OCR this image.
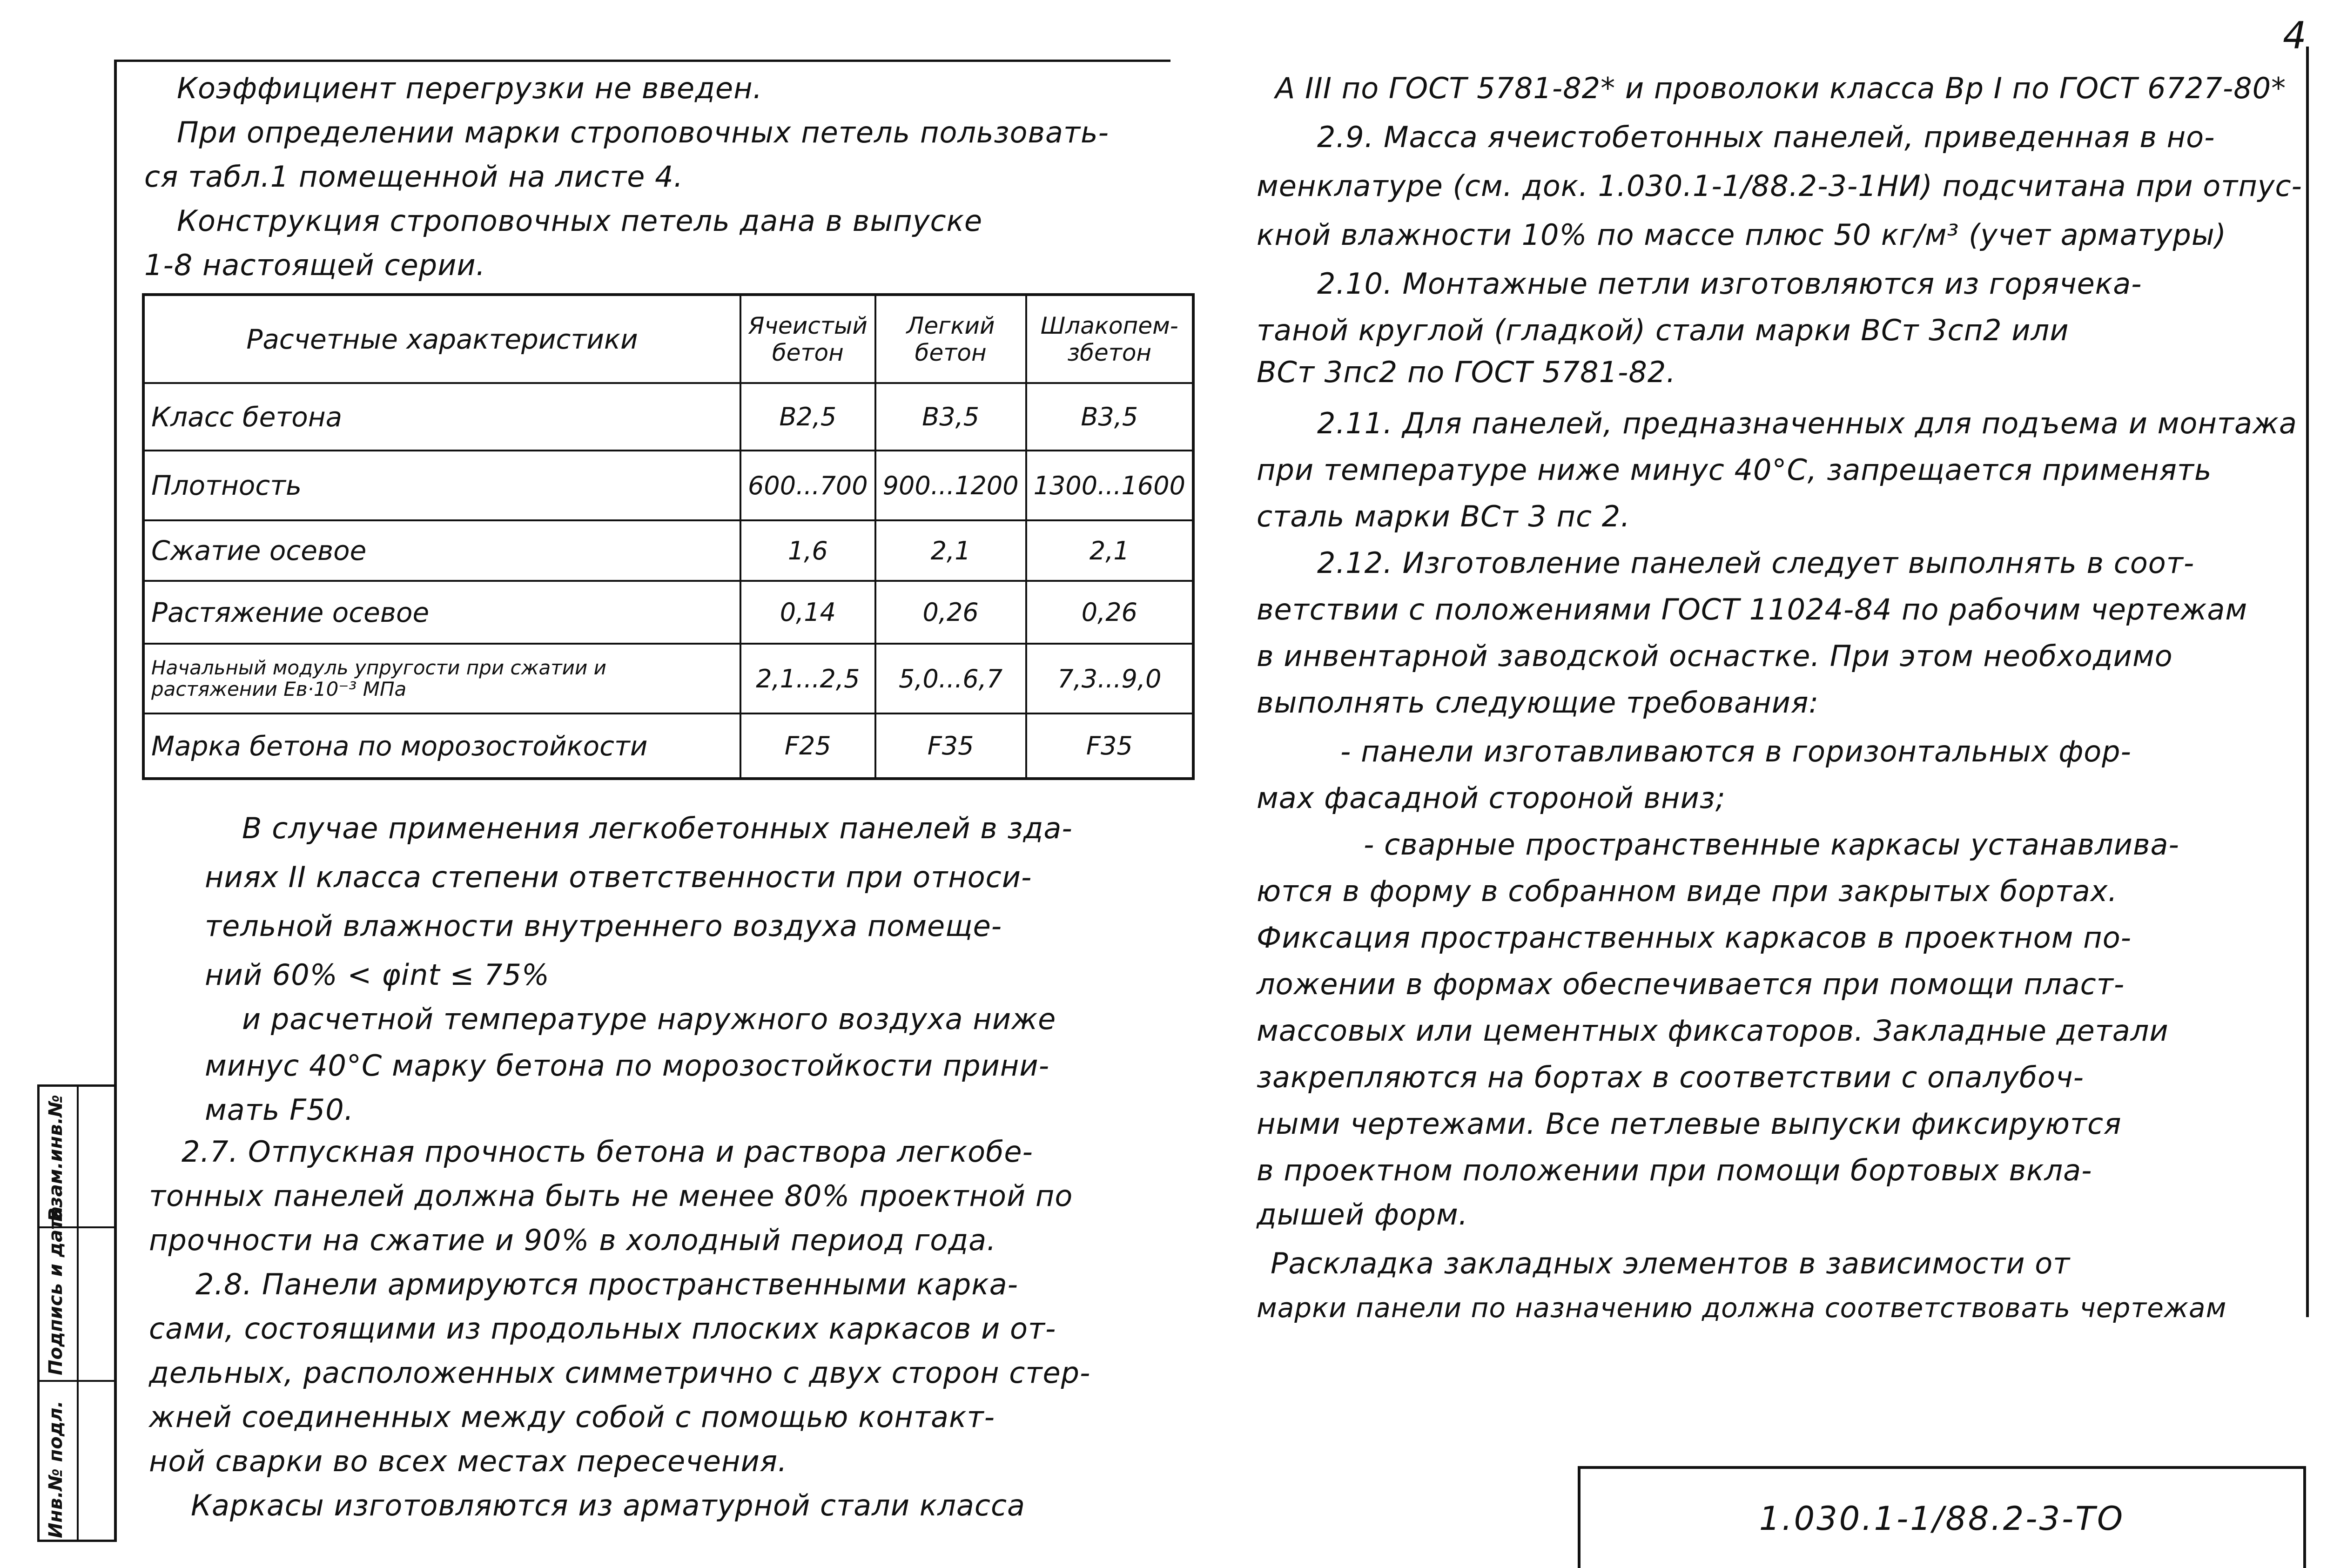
4
Взам.инв.№
Подпись и дата
Инв.№ подл.
Коэффициент перегрузки не введен.
При определении марки строповочных петель пользовать-
ся табл.1 помещенной на листе 4.
Конструкция строповочных петель дана в выпуске
1-8 настоящей серии.
Расчетные характеристики	Ячеистый бетон	Легкий бетон	Шлакопем-збетон
Класс бетона	B2,5	B3,5	B3,5
Плотность	600...700	900...1200	1300...1600
Сжатие осевое	1,6	2,1	2,1
Растяжение осевое	0,14	0,26	0,26
Начальный модуль упругости при сжатии и растяжении Eв·10⁻³ МПа	2,1...2,5	5,0...6,7	7,3...9,0
Марка бетона по морозостойкости	F25	F35	F35
В случае применения легкобетонных панелей в зда-
ниях II класса степени ответственности при относи-
тельной влажности внутреннего воздуха помеще-
ний 60% < φint ≤ 75%
и расчетной температуре наружного воздуха ниже
минус 40°C марку бетона по морозостойкости прини-
мать F50.
2.7. Отпускная прочность бетона и раствора легкобе-
тонных панелей должна быть не менее 80% проектной по
прочности на сжатие и 90% в холодный период года.
2.8. Панели армируются пространственными карка-
сами, состоящими из продольных плоских каркасов и от-
дельных, расположенных симметрично с двух сторон стер-
жней соединенных между собой с помощью контакт-
ной сварки во всех местах пересечения.
Каркасы изготовляются из арматурной стали класса
A III по ГОСТ 5781-82* и проволоки класса Bp I по ГОСТ 6727-80*
2.9. Масса ячеистобетонных панелей, приведенная в но-
менклатуре (см. док. 1.030.1-1/88.2-3-1НИ) подсчитана при отпус-
кной влажности 10% по массе плюс 50 кг/м³ (учет арматуры)
2.10. Монтажные петли изготовляются из горячека-
таной круглой (гладкой) стали марки ВСт 3сп2 или
ВСт 3пс2 по ГОСТ 5781-82.
2.11. Для панелей, предназначенных для подъема и монтажа
при температуре ниже минус 40°C, запрещается применять
сталь марки ВСт 3 пс 2.
2.12. Изготовление панелей следует выполнять в соот-
ветствии с положениями ГОСТ 11024-84 по рабочим чертежам
в инвентарной заводской оснастке. При этом необходимо
выполнять следующие требования:
- панели изготавливаются в горизонтальных фор-
мах фасадной стороной вниз;
- сварные пространственные каркасы устанавлива-
ются в форму в собранном виде при закрытых бортах.
Фиксация пространственных каркасов в проектном по-
ложении в формах обеспечивается при помощи пласт-
массовых или цементных фиксаторов. Закладные детали
закрепляются на бортах в соответствии с опалубоч-
ными чертежами. Все петлевые выпуски фиксируются
в проектном положении при помощи бортовых вкла-
дышей форм.
Раскладка закладных элементов в зависимости от
марки панели по назначению должна соответствовать чертежам
1.030.1-1/88.2-3-ТО
